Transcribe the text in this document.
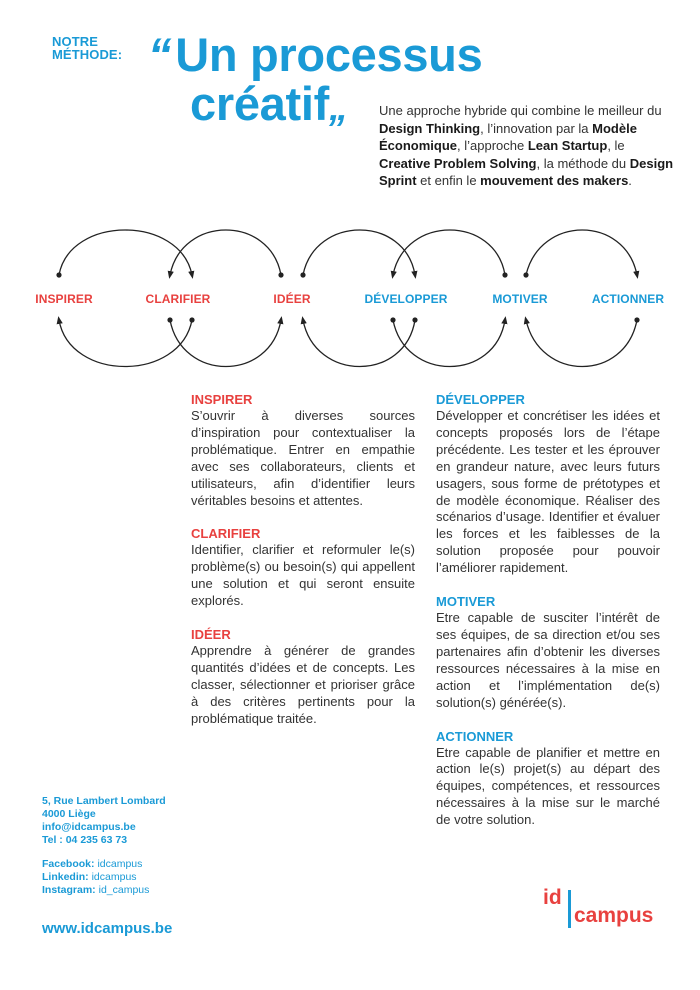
NOTRE
MÉTHODE: “Un processus
créatif„	Une approche hybride qui combine le meilleur du Design Thinking, l’innovation par la Modèle Économique, l’approche Lean Startup, le Creative Problem Solving, la méthode du Design Sprint et enfin le mouvement des makers.

INSPIRER	CLARIFIER	IDÉER	DÉVELOPPER	MOTIVER	ACTIONNER
INSPIRER

S’ouvrir à diverses sources d’inspiration pour contextualiser la problématique. Entrer en empathie avec ses collaborateurs, clients et utilisateurs, afin d’identifier leurs véritables besoins et attentes.

CLARIFIER

Identifier, clarifier et reformuler le(s) problème(s) ou besoin(s) qui appellent une solution et qui seront ensuite explorés.

IDÉER

Apprendre à générer de grandes quantités d’idées et de concepts. Les classer, sélectionner et prioriser grâce à des critères pertinents pour la problématique traitée.

DÉVELOPPER

Développer et concrétiser les idées et concepts proposés lors de l’étape précédente. Les tester et les éprouver en grandeur nature, avec leurs futurs usagers, sous forme de prétotypes et de modèle économique. Réaliser des scénarios d’usage. Identifier et évaluer les forces et les faiblesses de la solution proposée pour pouvoir l’améliorer rapidement.

MOTIVER

Etre capable de susciter l’intérêt de ses équipes, de sa direction et/ou ses partenaires afin d’obtenir les diverses ressources nécessaires à la mise en action et l’implémentation de(s) solution(s) générée(s).

ACTIONNER

Etre capable de planifier et mettre en action le(s) projet(s) au départ des équipes, compétences, et ressources nécessaires à la mise sur le marché de votre solution.

5, Rue Lambert Lombard
4000 Liège
info@idcampus.be
Tel : 04 235 63 73
Facebook: idcampus
Linkedin: idcampus
Instagram: id_campus
www.idcampus.be
id
campus
